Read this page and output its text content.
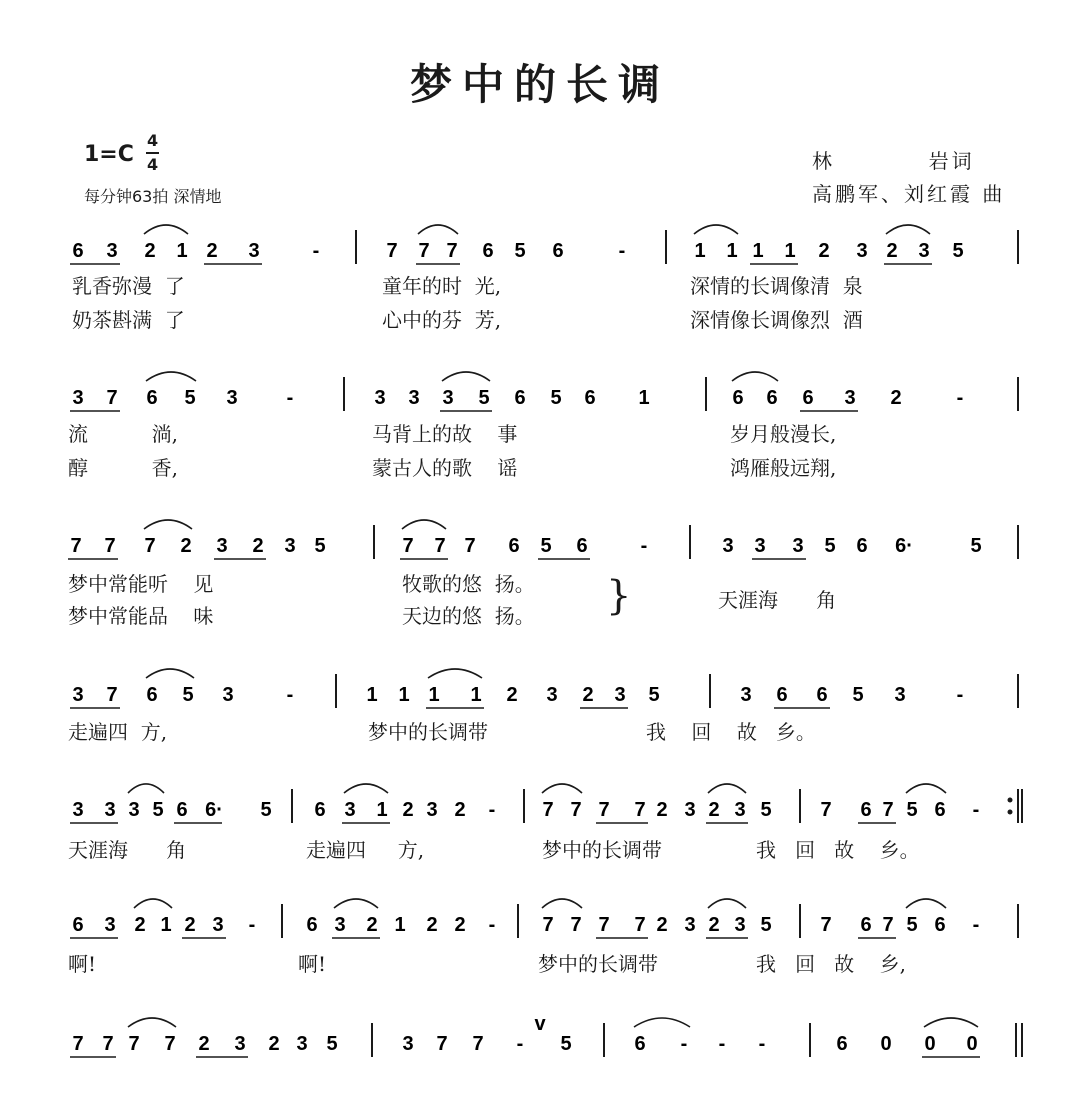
梦中的长调
1=C
4
4
每分钟63拍 深情地
林          岩词
高鹏军、刘红霞 曲
6 3 2 1 2 3	-	7 7 7 6 5 6	-	1 1 1 1 2 3 2 3 5
3 7 6 5 3 -	3 3 3 5 6 5 6 1	6 6 6 3 2	-
7 7 7 2 3 2 3 5	7 7 7 6 5 6	-	3 3 3 5 6 6·	5
3 7 6 5 3	-	1 1 1 1 2 3 2 3 5	3 6 6 5 3	-
3 3 3 5 6 6· 5 6 3 1 2 3 2 - 7 7 7 7 2 3 2 3 5 7 6 7 5 6 -
6 3 2 1 2 3 -	6 3 2 1 2 2 - 7 7 7 7 2 3 2 3 5 7 6 7 5 6 -
7 7 7 7 2 3 2 3 5	3 7 7 - 5	6 - - -	6 0 0 0
v
乳香弥漫  了	童年的时  光,	深情的长调像清  泉
奶茶斟满  了	心中的芬  芳,	深情像长调像烈  酒
流          淌,	马背上的故    事	岁月般漫长,
醇          香,	蒙古人的歌    谣	鸿雁般远翔,
梦中常能听    见	牧歌的悠  扬。
梦中常能品    味	天边的悠  扬。 }	天涯海      角
走遍四  方,	梦中的长调带	我    回    故   乡。
天涯海      角	走遍四     方,	梦中的长调带	我   回   故    乡。
啊!	啊!	梦中的长调带	我   回   故    乡,
